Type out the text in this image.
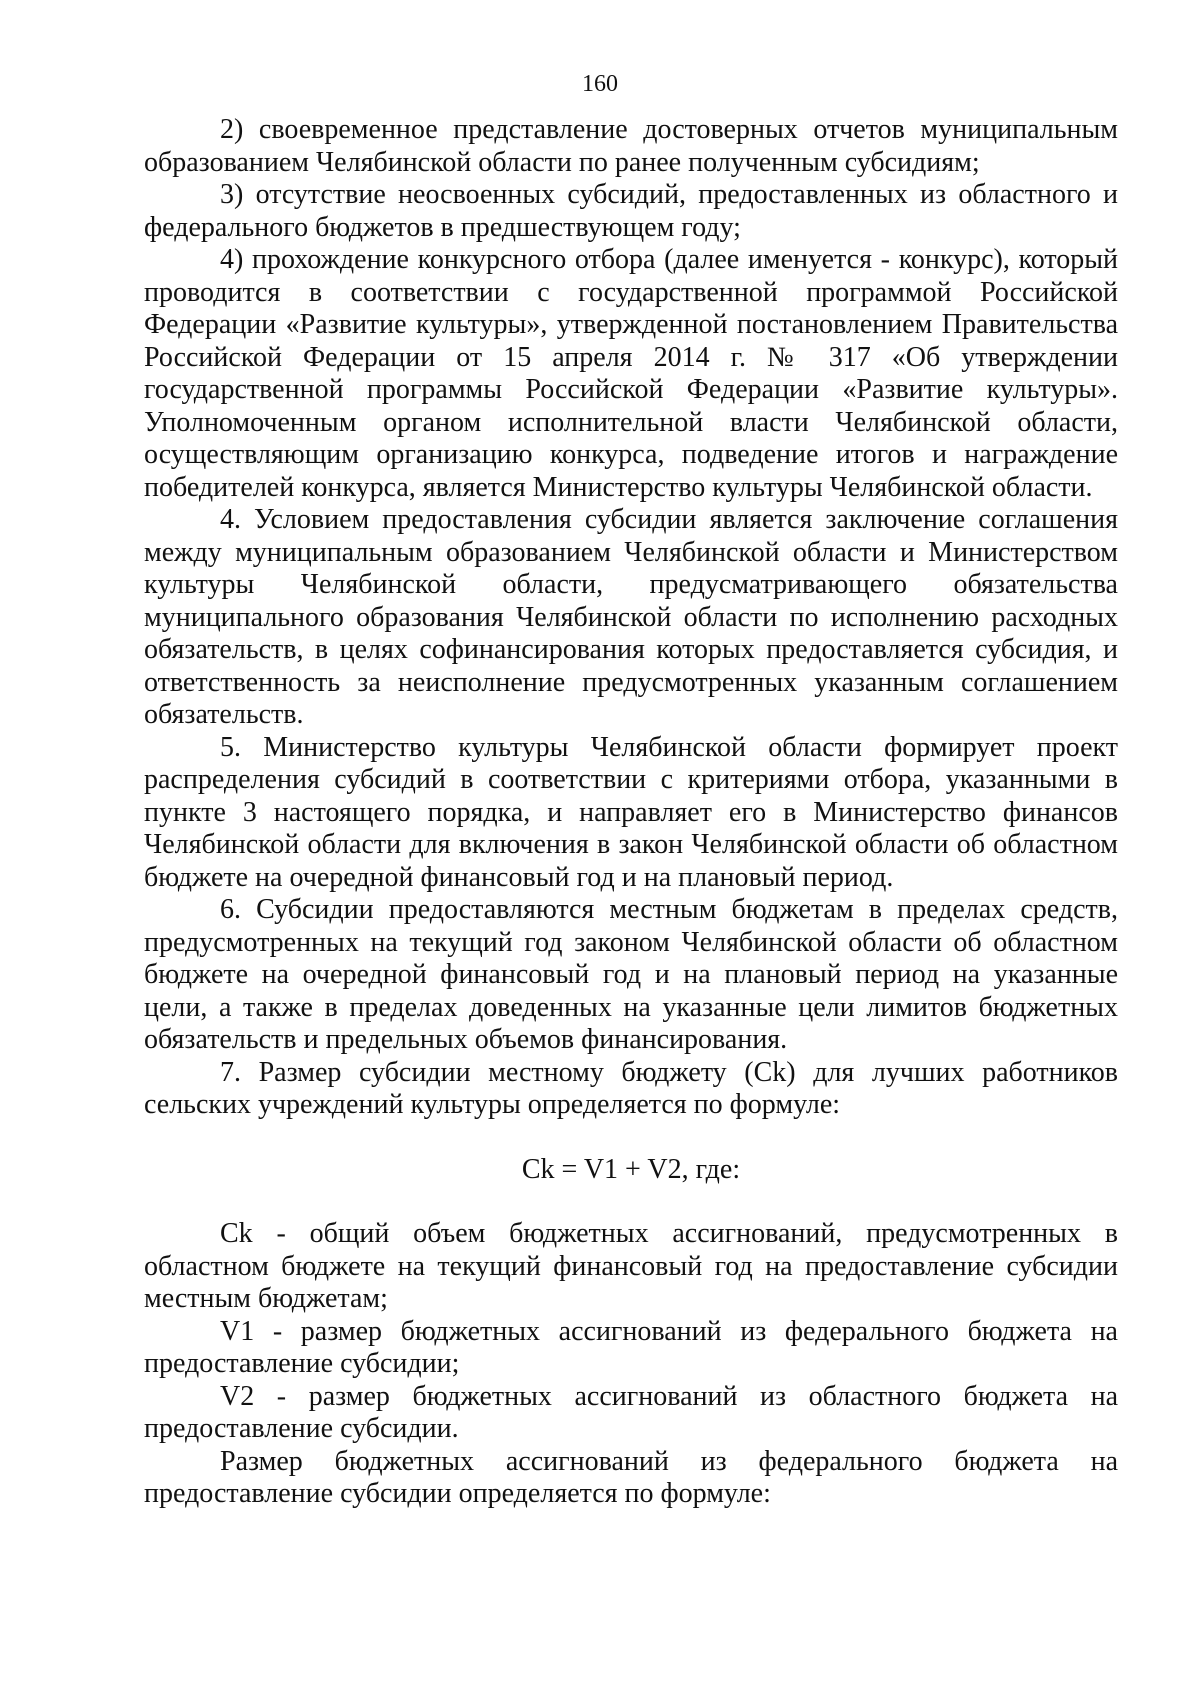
160

2) своевременное представление достоверных отчетов муниципальным образованием Челябинской области по ранее полученным субсидиям;

3) отсутствие неосвоенных субсидий, предоставленных из областного и федерального бюджетов в предшествующем году;

4) прохождение конкурсного отбора (далее именуется - конкурс), который проводится в соответствии с государственной программой Российской Федерации «Развитие культуры», утвержденной постановлением Правительства Российской Федерации от 15 апреля 2014 г. № 317 «Об утверждении государственной программы Российской Федерации «Развитие культуры». Уполномоченным органом исполнительной власти Челябинской области, осуществляющим организацию конкурса, подведение итогов и награждение победителей конкурса, является Министерство культуры Челябинской области.

4. Условием предоставления субсидии является заключение соглашения между муниципальным образованием Челябинской области и Министерством культуры Челябинской области, предусматривающего обязательства муниципального образования Челябинской области по исполнению расходных обязательств, в целях софинансирования которых предоставляется субсидия, и ответственность за неисполнение предусмотренных указанным соглашением обязательств.

5. Министерство культуры Челябинской области формирует проект распределения субсидий в соответствии с критериями отбора, указанными в пункте 3 настоящего порядка, и направляет его в Министерство финансов Челябинской области для включения в закон Челябинской области об областном бюджете на очередной финансовый год и на плановый период.

6. Субсидии предоставляются местным бюджетам в пределах средств, предусмотренных на текущий год законом Челябинской области об областном бюджете на очередной финансовый год и на плановый период на указанные цели, а также в пределах доведенных на указанные цели лимитов бюджетных обязательств и предельных объемов финансирования.

7. Размер субсидии местному бюджету (Ck) для лучших работников сельских учреждений культуры определяется по формуле:

Ck = V1 + V2, где:

Ck - общий объем бюджетных ассигнований, предусмотренных в областном бюджете на текущий финансовый год на предоставление субсидии местным бюджетам;

V1 - размер бюджетных ассигнований из федерального бюджета на предоставление субсидии;

V2 - размер бюджетных ассигнований из областного бюджета на предоставление субсидии.

Размер бюджетных ассигнований из федерального бюджета на предоставление субсидии определяется по формуле:
